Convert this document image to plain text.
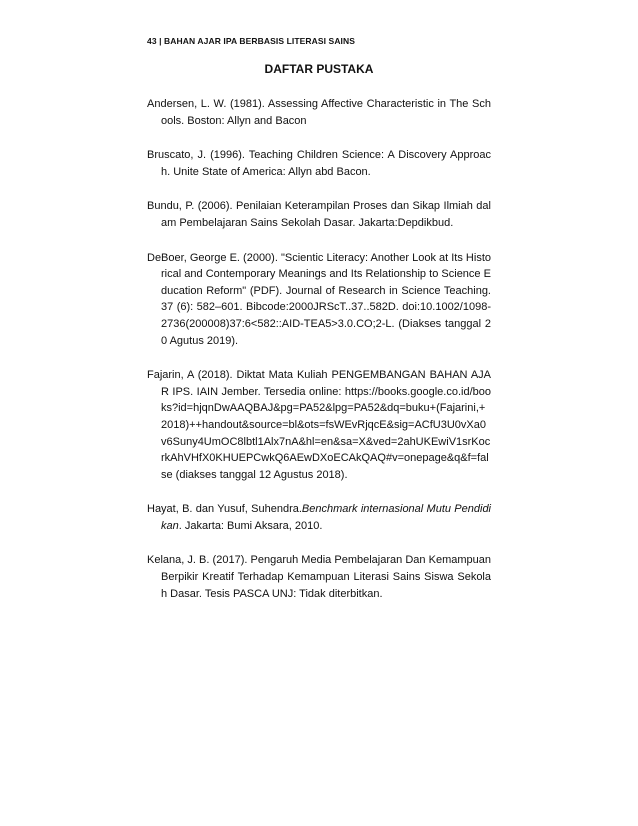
43 | BAHAN AJAR IPA BERBASIS LITERASI SAINS
DAFTAR PUSTAKA

Andersen, L. W. (1981). Assessing Affective Characteristic in The Schools. Boston: Allyn and Bacon

Bruscato, J. (1996). Teaching Children Science: A Discovery Approach. Unite State of America: Allyn abd Bacon.

Bundu, P. (2006). Penilaian Keterampilan Proses dan Sikap Ilmiah dalam Pembelajaran Sains Sekolah Dasar. Jakarta:Depdikbud.

DeBoer, George E. (2000). "Scientic Literacy: Another Look at Its Historical and Contemporary Meanings and Its Relationship to Science Education Reform" (PDF). Journal of Research in Science Teaching. 37 (6): 582–601. Bibcode:2000JRScT..37..582D. doi:10.1002/1098-2736(200008)37:6<582::AID-TEA5>3.0.CO;2-L. (Diakses tanggal 20 Agutus 2019).

Fajarin, A (2018). Diktat Mata Kuliah PENGEMBANGAN BAHAN AJAR IPS. IAIN Jember. Tersedia online: https://books.google.co.id/books?id=hjqnDwAAQBAJ&pg=PA52&lpg=PA52&dq=buku+(Fajarini,+2018)++handout&source=bl&ots=fsWEvRjqcE&sig=ACfU3U0vXa0v6Suny4UmOC8lbtl1Alx7nA&hl=en&sa=X&ved=2ahUKEwiV1srKocrkAhVHfX0KHUEPCwkQ6AEwDXoECAkQAQ#v=onepage&q&f=false (diakses tanggal 12 Agustus 2018).

Hayat, B. dan Yusuf, Suhendra.Benchmark internasional Mutu Pendidikan. Jakarta: Bumi Aksara, 2010.

Kelana, J. B. (2017). Pengaruh Media Pembelajaran Dan Kemampuan Berpikir Kreatif Terhadap Kemampuan Literasi Sains Siswa Sekolah Dasar. Tesis PASCA UNJ: Tidak diterbitkan.
